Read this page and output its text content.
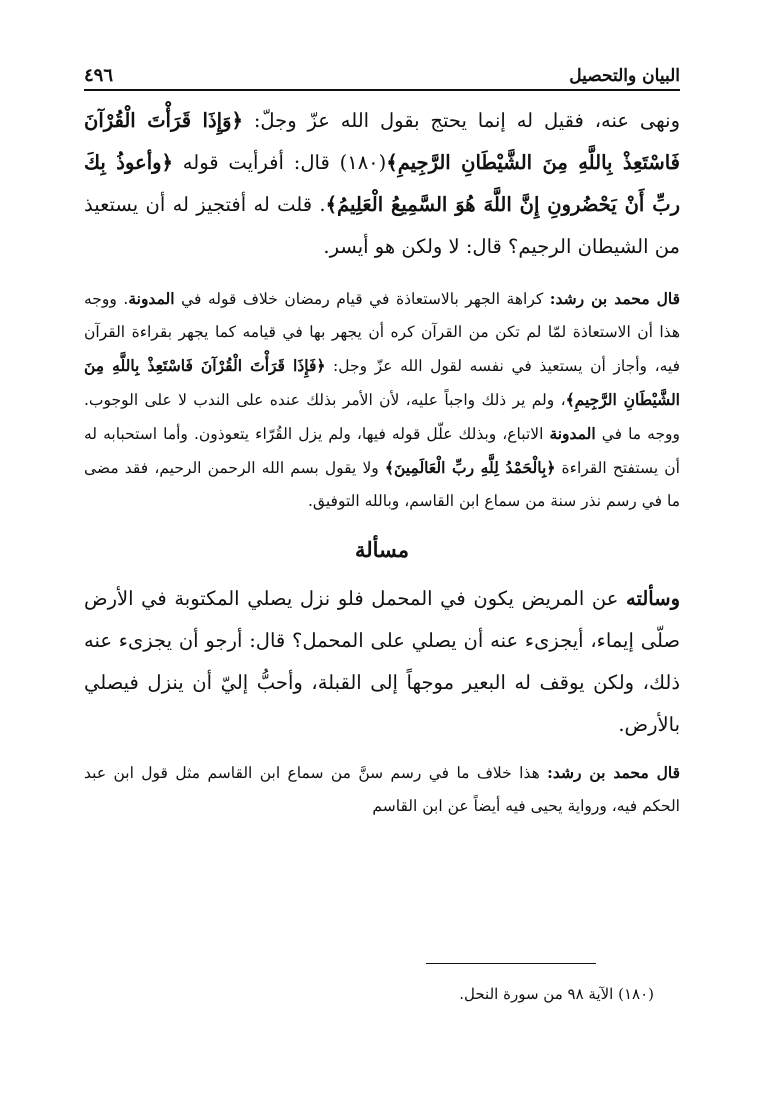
٤٩٦	البيان والتحصيل

ونهى عنه، فقيل له إنما يحتج بقول الله عزّ وجلّ: ﴿وَإِذَا قَرَأْتَ الْقُرْآنَ فَاسْتَعِذْ بِاللَّهِ مِنَ الشَّيْطَانِ الرَّجِيمِ﴾(١٨٠) قال: أفرأيت قوله ﴿وأعوذُ بِكَ ربِّ أَنْ يَحْضُرونِ إِنَّ اللَّهَ هُوَ السَّمِيعُ الْعَلِيمُ﴾. قلت له أفتجيز له أن يستعيذ من الشيطان الرجيم؟ قال: لا ولكن هو أيسر.

قال محمد بن رشد: كراهة الجهر بالاستعاذة في قيام رمضان خلاف قوله في المدونة. ووجه هذا أن الاستعاذة لمّا لم تكن من القرآن كره أن يجهر بها في قيامه كما يجهر بقراءة القرآن فيه، وأجاز أن يستعيذ في نفسه لقول الله عزّ وجل: ﴿فَإِذَا قَرَأْتَ الْقُرْآنَ فَاسْتَعِذْ بِاللَّهِ مِنَ الشَّيْطَانِ الرَّجِيمِ﴾، ولم ير ذلك واجباً عليه، لأن الأمر بذلك عنده على الندب لا على الوجوب. ووجه ما في المدونة الاتباع، وبذلك علّل قوله فيها، ولم يزل القُرّاء يتعوذون. وأما استحبابه له أن يستفتح القراءة ﴿بِالْحَمْدُ لِلَّهِ ربِّ الْعَالَمِينَ﴾ ولا يقول بسم الله الرحمن الرحيم، فقد مضى ما في رسم نذر سنة من سماع ابن القاسم، وبالله التوفيق.

مسألة

وسألته عن المريض يكون في المحمل فلو نزل يصلي المكتوبة في الأرض صلّى إيماء، أيجزىء عنه أن يصلي على المحمل؟ قال: أرجو أن يجزىء عنه ذلك، ولكن يوقف له البعير موجهاً إلى القبلة، وأحبُّ إليّ أن ينزل فيصلي بالأرض.

قال محمد بن رشد: هذا خلاف ما في رسم سنَّ من سماع ابن القاسم مثل قول ابن عبد الحكم فيه، ورواية يحيى فيه أيضاً عن ابن القاسم

(١٨٠) الآية ٩٨ من سورة النحل.
